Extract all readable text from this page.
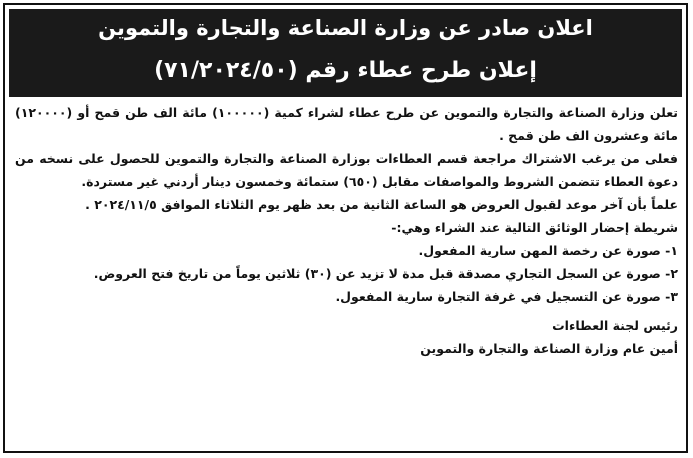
اعلان صادر عن وزارة الصناعة والتجارة والتموين
إعلان طرح عطاء رقم (٧١/٢٠٢٤/٥٠)

تعلن وزارة الصناعة والتجارة والتموين عن طرح عطاء لشراء كمية (١٠٠٠٠٠) مائة الف طن قمح أو (١٢٠٠٠٠) مائة وعشرون الف طن قمح .

فعلى من يرغب الاشتراك مراجعة قسم العطاءات بوزارة الصناعة والتجارة والتموين للحصول على نسخه من دعوة العطاء تتضمن الشروط والمواصفات مقابل (٦٥٠) ستمائة وخمسون دينار أردني غير مستردة.

علماً بأن آخر موعد لقبول العروض هو الساعة الثانية من بعد ظهر يوم الثلاثاء الموافق ٢٠٢٤/١١/٥ .

شريطة إحضار الوثائق التالية عند الشراء وهي:-

١- صورة عن رخصة المهن سارية المفعول.
٢- صورة عن السجل التجاري مصدقة قبل مدة لا تزيد عن (٣٠) ثلاثين يوماً من تاريخ فتح العروض.
٣- صورة عن التسجيل في غرفة التجارة سارية المفعول.
رئيس لجنة العطاءات
أمين عام وزارة الصناعة والتجارة والتموين
